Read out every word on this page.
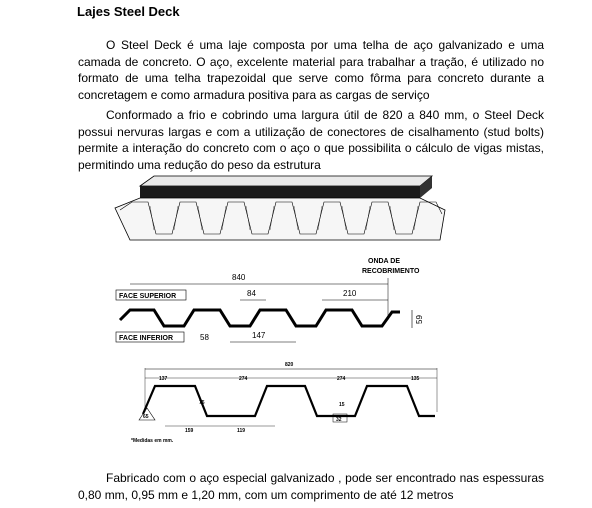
Lajes Steel Deck
O Steel Deck é uma laje composta por uma telha de aço galvanizado e uma camada de concreto. O aço, excelente material para trabalhar a tração, é utilizado no formato de uma telha trapezoidal que serve como fôrma para concreto durante a concretagem e como armadura positiva para as cargas de serviço
Conformado a frio e cobrindo uma largura útil de 820 a 840 mm, o Steel Deck possui nervuras largas e com a utilização de conectores de cisalhamento (stud bolts) permite a interação do concreto com o aço o que possibilita o cálculo de vigas mistas, permitindo uma redução do peso da estrutura
ONDA DE
RECOBRIMENTO
840
84	210
FACE SUPERIOR
FACE INFERIOR
59
58	147
820
137	274	274	135
75
159	119
15
32
65
*Medidas em mm.
Fabricado com o aço especial galvanizado , pode ser encontrado nas espessuras 0,80 mm, 0,95 mm e 1,20 mm, com um comprimento de até 12 metros
